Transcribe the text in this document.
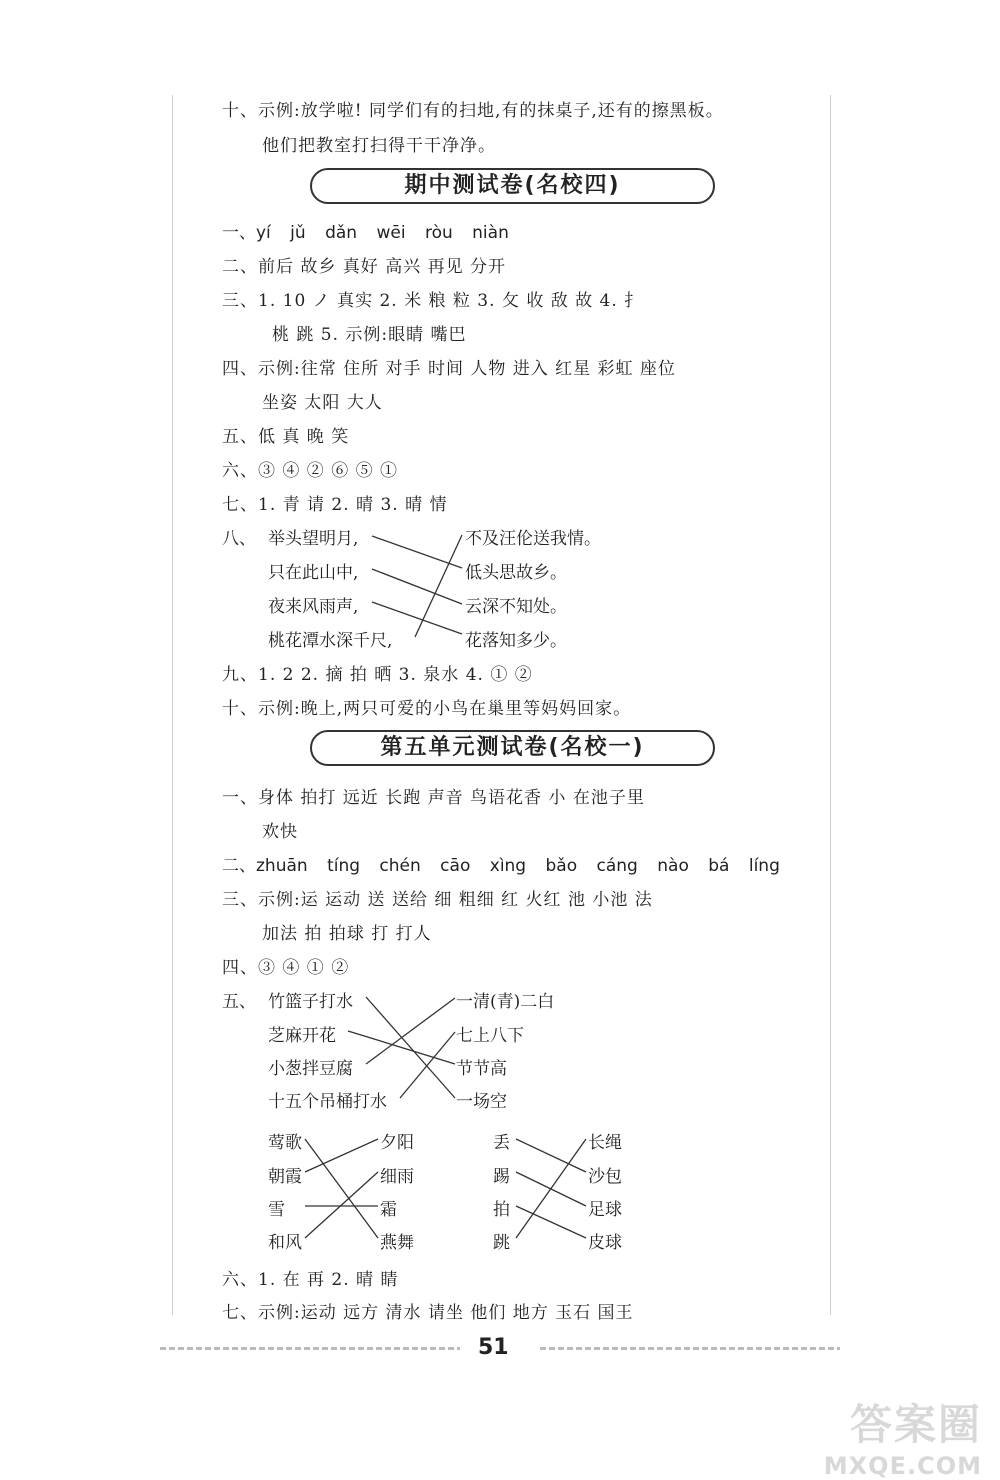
十、示例:放学啦! 同学们有的扫地,有的抹桌子,还有的擦黑板。
他们把教室打扫得干干净净。
期中测试卷(名校四)
一、yí jǔ dǎn wēi ròu niàn
二、前后 故乡 真好 高兴 再见 分开
三、1. 10 ノ 真实 2. 米 粮 粒 3. 攵 收 敌 故 4. 扌
桃 跳 5. 示例:眼睛 嘴巴
四、示例:往常 住所 对手 时间 人物 进入 红星 彩虹 座位
坐姿 太阳 大人
五、低 真 晚 笑
六、③ ④ ② ⑥ ⑤ ①
七、1. 青 请 2. 晴 3. 晴 情
八、 举头望明月,
只在此山中,
夜来风雨声,
桃花潭水深千尺,
不及汪伦送我情。
低头思故乡。
云深不知处。
花落知多少。
九、1. 2 2. 摘 拍 晒 3. 泉水 4. ① ②
十、示例:晚上,两只可爱的小鸟在巢里等妈妈回家。
第五单元测试卷(名校一)
一、身体 拍打 远近 长跑 声音 鸟语花香 小 在池子里
欢快
二、zhuān tíng chén cāo xìng bǎo cáng nào bá líng
三、示例:运 运动 送 送给 细 粗细 红 火红 池 小池 法
加法 拍 拍球 打 打人
四、③ ④ ① ②
五、 竹篮子打水
芝麻开花
小葱拌豆腐
十五个吊桶打水
一清(青)二白
七上八下
节节高
一场空
莺歌
朝霞
雪
和风
夕阳
细雨
霜
燕舞
丢
踢
拍
跳
长绳
沙包
足球
皮球
六、1. 在 再 2. 晴 睛
七、示例:运动 远方 清水 请坐 他们 地方 玉石 国王
51
答案圈
MXQE.COM
